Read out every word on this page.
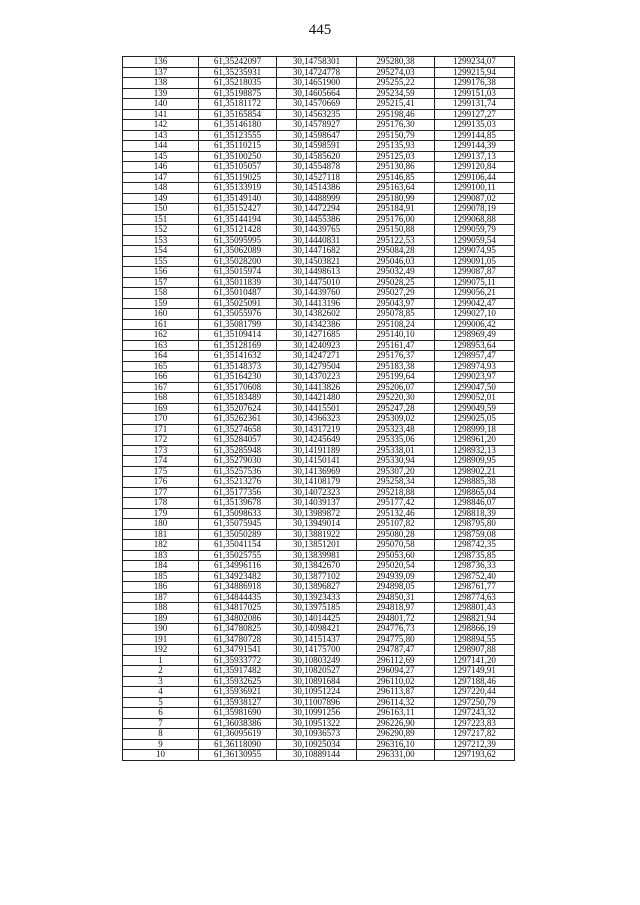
445
136	61,35242097	30,14758301	295280,38	1299234,07
137	61,35235931	30,14724778	295274,03	1299215,94
138	61,35218035	30,14651900	295255,22	1299176,38
139	61,35198875	30,14605664	295234,59	1299151,03
140	61,35181172	30,14570669	295215,41	1299131,74
141	61,35165854	30,14563235	295198,46	1299127,27
142	61,35146180	30,14578927	295176,30	1299135,03
143	61,35123555	30,14598647	295150,79	1299144,85
144	61,35110215	30,14598591	295135,93	1299144,39
145	61,35100250	30,14585620	295125,03	1299137,13
146	61,35105057	30,14554878	295130,86	1299120,84
147	61,35119025	30,14527118	295146,85	1299106,44
148	61,35133919	30,14514386	295163,64	1299100,11
149	61,35149140	30,14488999	295180,99	1299087,02
150	61,35152427	30,14472294	295184,91	1299078,19
151	61,35144194	30,14455386	295176,00	1299068,88
152	61,35121428	30,14439765	295150,88	1299059,79
153	61,35095995	30,14440831	295122,53	1299059,54
154	61,35062089	30,14471682	295084,28	1299074,95
155	61,35028200	30,14503821	295046,03	1299091,05
156	61,35015974	30,14498613	295032,49	1299087,87
157	61,35011839	30,14475010	295028,25	1299075,11
158	61,35010487	30,14439760	295027,29	1299056,21
159	61,35025091	30,14413196	295043,97	1299042,47
160	61,35055976	30,14382602	295078,85	1299027,10
161	61,35081799	30,14342386	295108,24	1299006,42
162	61,35109414	30,14271685	295140,10	1298969,49
163	61,35128169	30,14240923	295161,47	1298953,64
164	61,35141632	30,14247271	295176,37	1298957,47
165	61,35148373	30,14279504	295183,38	1298974,93
166	61,35164230	30,14370223	295199,64	1299023,97
167	61,35170608	30,14413826	295206,07	1299047,50
168	61,35183489	30,14421480	295220,30	1299052,01
169	61,35207624	30,14415501	295247,28	1299049,59
170	61,35262361	30,14366323	295309,02	1299025,05
171	61,35274658	30,14317219	295323,48	1298999,18
172	61,35284057	30,14245649	295335,06	1298961,20
173	61,35285948	30,14191189	295338,01	1298932,13
174	61,35279030	30,14150141	295330,94	1298909,95
175	61,35257536	30,14136969	295307,20	1298902,21
176	61,35213276	30,14108179	295258,34	1298885,38
177	61,35177356	30,14072323	295218,88	1298865,04
178	61,35139678	30,14039137	295177,42	1298846,07
179	61,35098633	30,13989872	295132,46	1298818,39
180	61,35075945	30,13949014	295107,82	1298795,80
181	61,35050289	30,13881922	295080,28	1298759,08
182	61,35041154	30,13851201	295070,58	1298742,35
183	61,35025755	30,13839981	295053,60	1298735,85
184	61,34996116	30,13842670	295020,54	1298736,33
185	61,34923482	30,13877102	294939,09	1298752,40
186	61,34886918	30,13896827	294898,05	1298761,77
187	61,34844435	30,13923433	294850,31	1298774,63
188	61,34817025	30,13975185	294818,97	1298801,43
189	61,34802086	30,14014425	294801,72	1298821,94
190	61,34780825	30,14098421	294776,73	1298866,19
191	61,34780728	30,14151437	294775,80	1298894,55
192	61,34791541	30,14175700	294787,47	1298907,88
1	61,35933772	30,10803249	296112,69	1297141,20
2	61,35917482	30,10820527	296094,27	1297149,91
3	61,35932625	30,10891684	296110,02	1297188,46
4	61,35936921	30,10951224	296113,87	1297220,44
5	61,35938127	30,11007896	296114,32	1297250,79
6	61,35981690	30,10991256	296163,11	1297243,32
7	61,36038386	30,10951322	296226,90	1297223,83
8	61,36095619	30,10936573	296290,89	1297217,82
9	61,36118090	30,10925034	296316,10	1297212,39
10	61,36130955	30,10889144	296331,00	1297193,62
